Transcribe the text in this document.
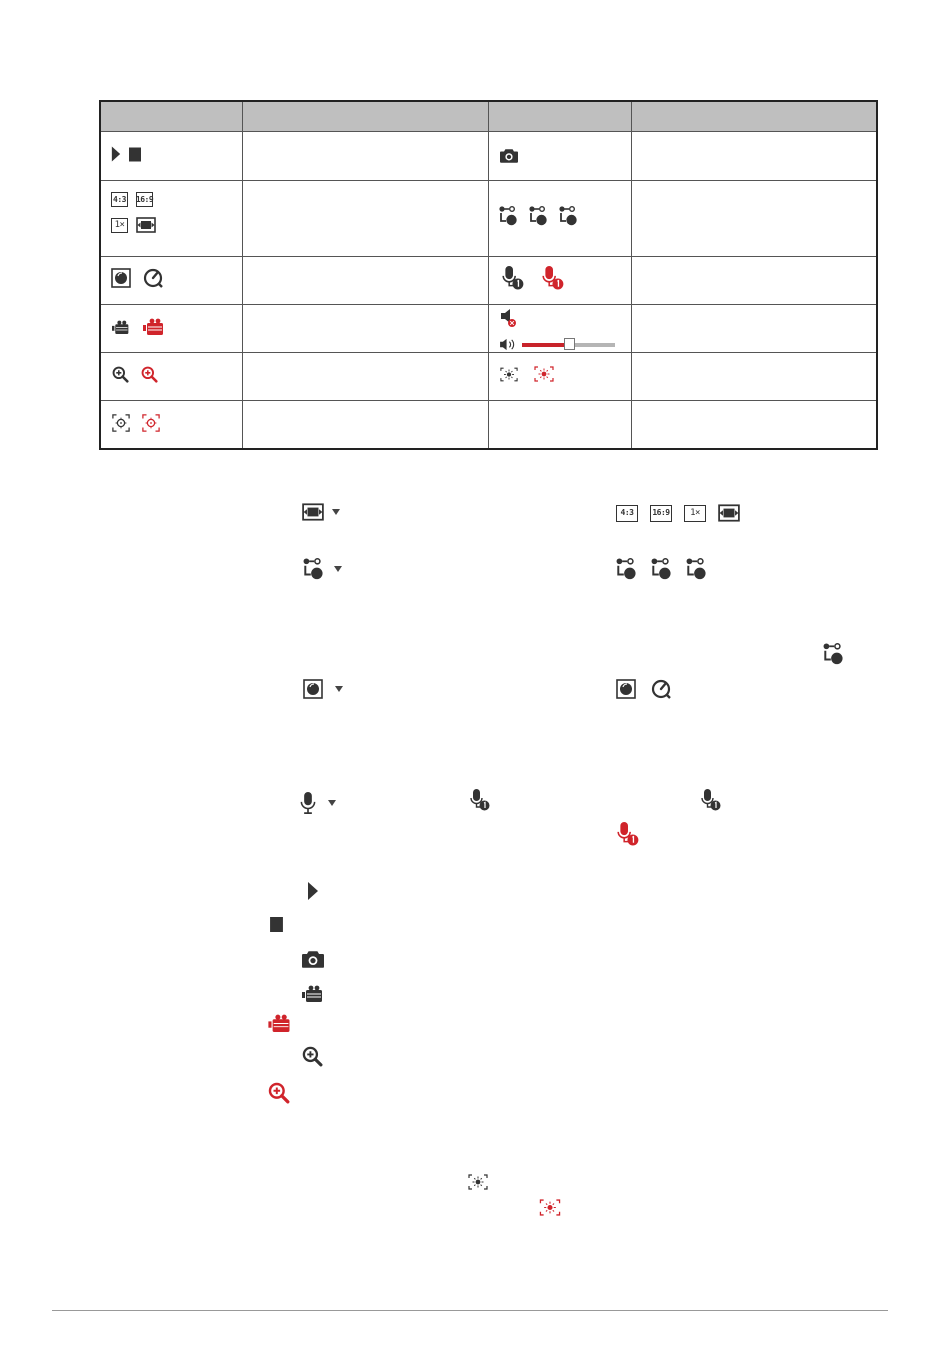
4:3 16:9
1×
4:3	16:9	1×
